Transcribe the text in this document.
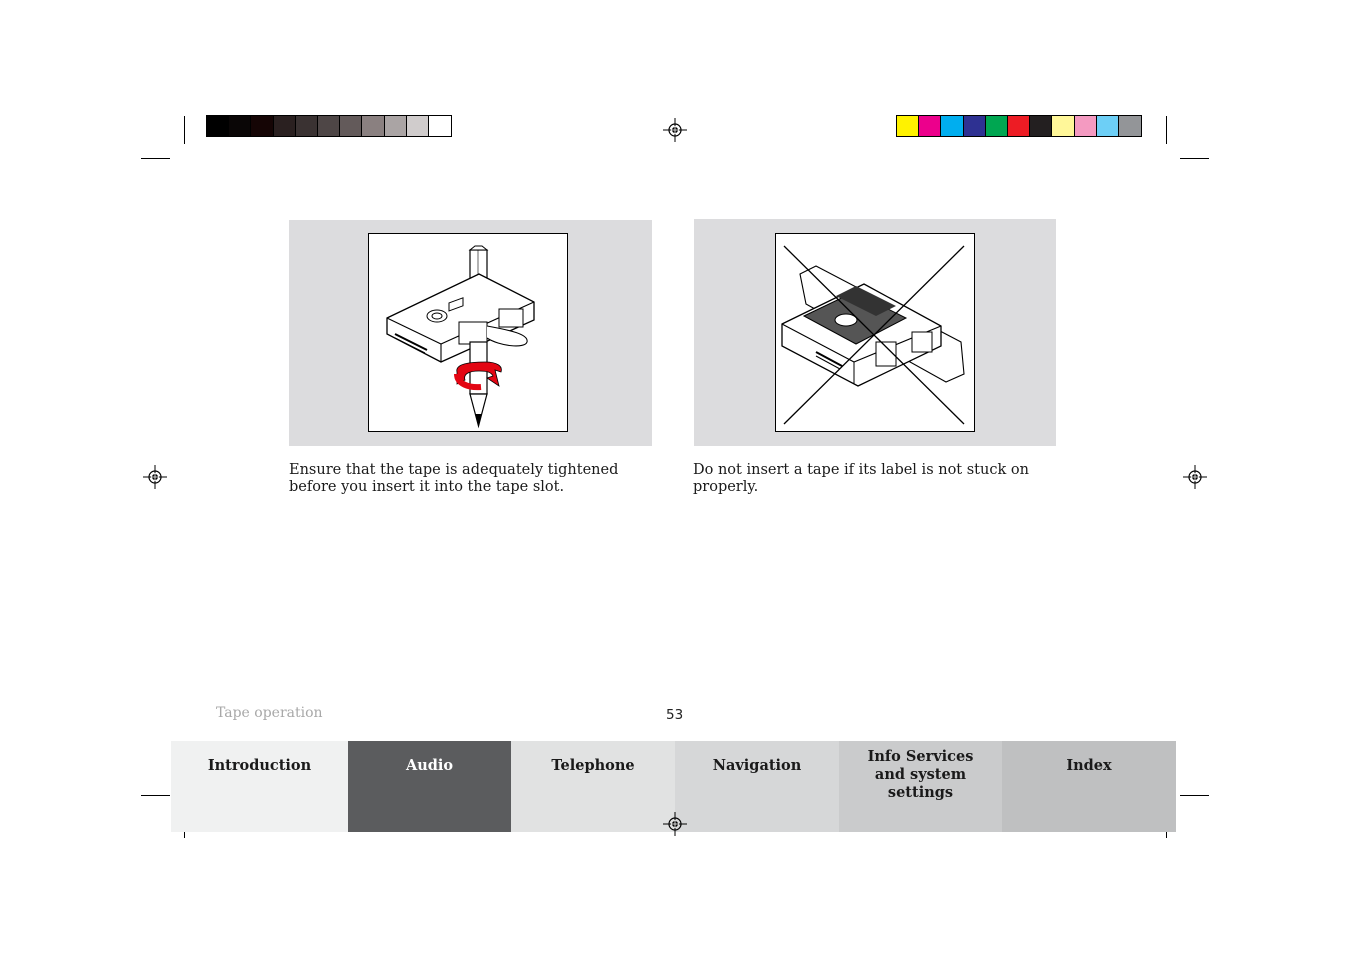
Ensure that the tape is adequately tightened before you insert it into the tape slot.
Do not insert a tape if its label is not stuck on properly.
Tape operation	53
Introduction	Audio	Telephone	Navigation
Info Services and system settings
Index
